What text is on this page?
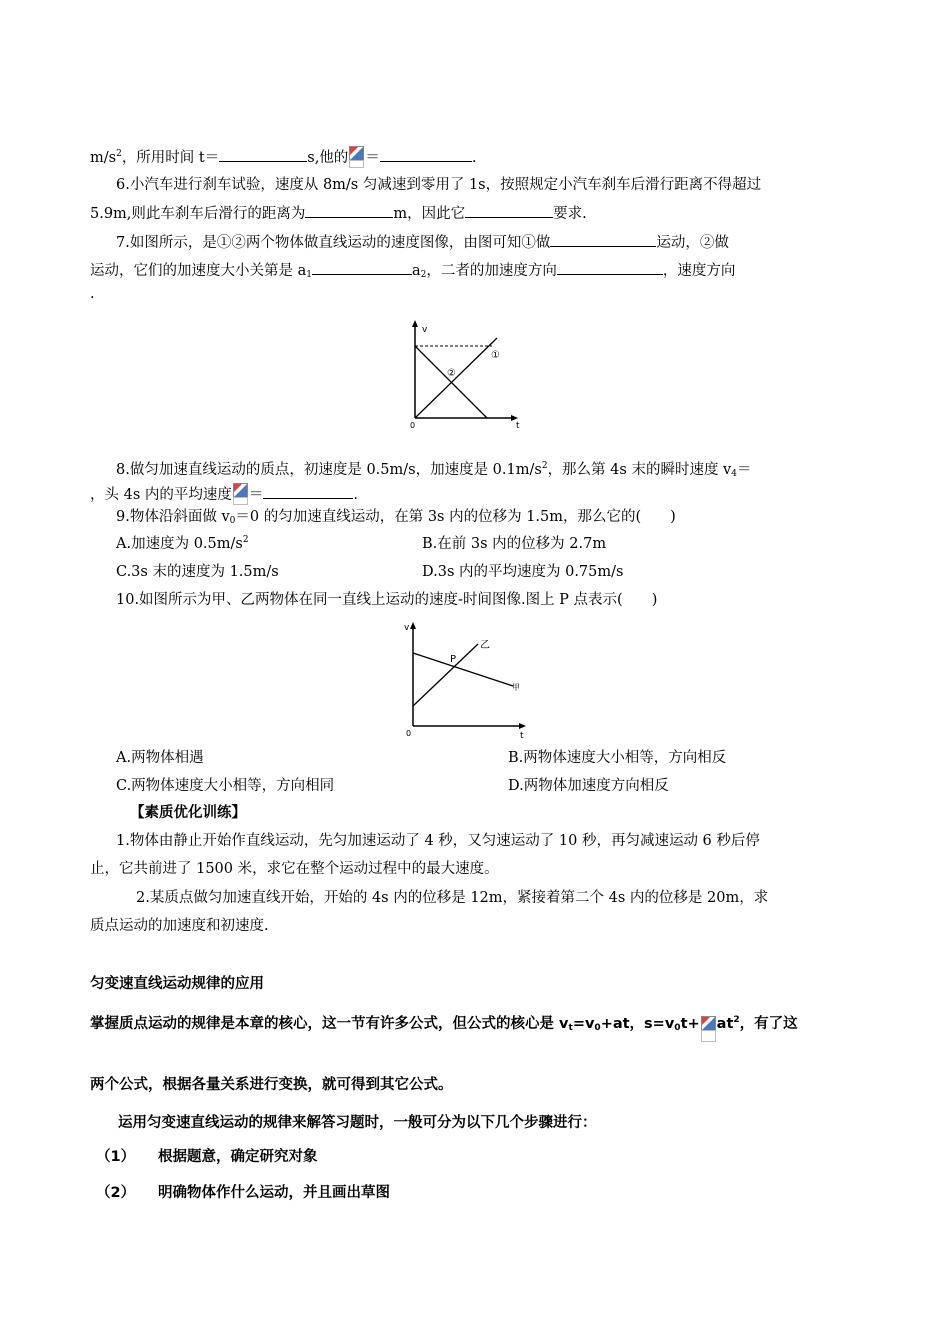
$m/s^2$，所用时间 t＝	s,他的 ＝	.
6.小汽车进行刹车试验，速度从 8m/s 匀减速到零用了 1s，按照规定小汽车刹车后滑行距离不得超过
5.9m,则此车刹车后滑行的距离为	m，因此它	要求.
7.如图所示，是①②两个物体做直线运动的速度图像，由图可知①做	运动，②做
运动，它们的加速度大小关第是 $a_1$	$a_2$，二者的加速度方向	，速度方向
.
v
t
0
①
②
8.做匀加速直线运动的质点，初速度是 0.5m/s，加速度是 $0.1m/s^2$，那么第 4s 末的瞬时速度 $v_4=$
，头 4s 内的平均速度 ＝	.
9.物体沿斜面做 $v_0=0$ 的匀加速直线运动，在第 3s 内的位移为 1.5m，那么它的(　　)
A.加速度为 $0.5m/s^2$	B.在前 3s 内的位移为 2.7m
C.3s 末的速度为 1.5m/s	D.3s 内的平均速度为 0.75m/s
10.如图所示为甲、乙两物体在同一直线上运动的速度-时间图像.图上 P 点表示(　　)
v
t
0
P
乙
甲
A.两物体相遇	B.两物体速度大小相等，方向相反
C.两物体速度大小相等，方向相同	D.两物体加速度方向相反
【素质优化训练】
1.物体由静止开始作直线运动，先匀加速运动了 4 秒，又匀速运动了 10 秒，再匀减速运动 6 秒后停
止，它共前进了 1500 米，求它在整个运动过程中的最大速度。
2.某质点做匀加速直线开始，开始的 4s 内的位移是 12m，紧接着第二个 4s 内的位移是 20m，求
质点运动的加速度和初速度.
匀变速直线运动规律的应用
掌握质点运动的规律是本章的核心，这一节有许多公式，但公式的核心是 $v_t=v_0+at$，$s=v_0t+ at^2$，有了这
两个公式，根据各量关系进行变换，就可得到其它公式。
运用匀变速直线运动的规律来解答习题时，一般可分为以下几个步骤进行：
（1） 根据题意，确定研究对象
（2） 明确物体作什么运动，并且画出草图
